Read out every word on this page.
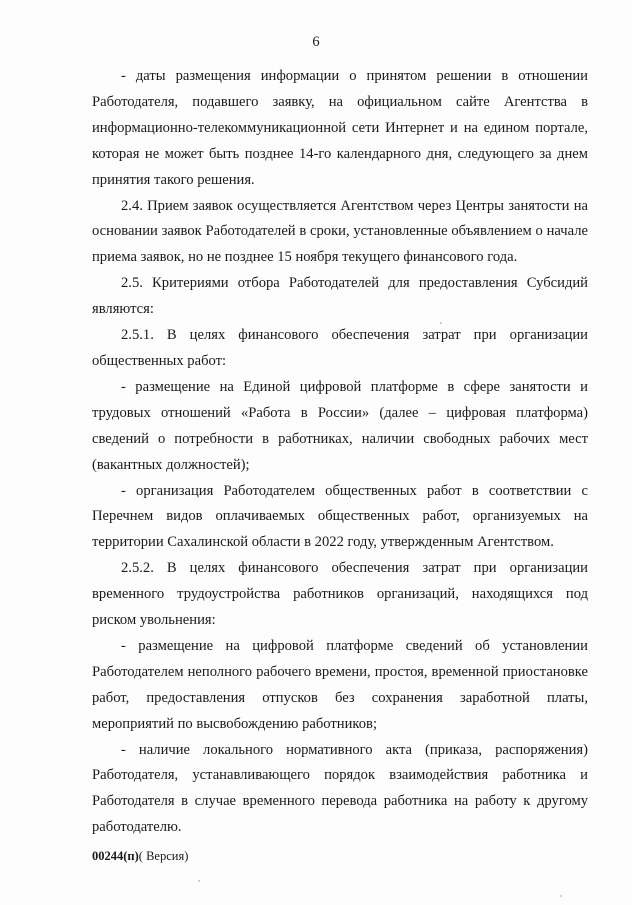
6

- даты размещения информации о принятом решении в отношении Работодателя, подавшего заявку, на официальном сайте Агентства в информационно-телекоммуникационной сети Интернет и на едином портале, которая не может быть позднее 14-го календарного дня, следующего за днем принятия такого решения.

2.4. Прием заявок осуществляется Агентством через Центры занятости на основании заявок Работодателей в сроки, установленные объявлением о начале приема заявок, но не позднее 15 ноября текущего финансового года.

2.5. Критериями отбора Работодателей для предоставления Субсидий являются:

2.5.1. В целях финансового обеспечения затрат при организации общественных работ:

- размещение на Единой цифровой платформе в сфере занятости и трудовых отношений «Работа в России» (далее – цифровая платформа) сведений о потребности в работниках, наличии свободных рабочих мест (вакантных должностей);

- организация Работодателем общественных работ в соответствии с Перечнем видов оплачиваемых общественных работ, организуемых на территории Сахалинской области в 2022 году, утвержденным Агентством.

2.5.2. В целях финансового обеспечения затрат при организации временного трудоустройства работников организаций, находящихся под риском увольнения:

- размещение на цифровой платформе сведений об установлении Работодателем неполного рабочего времени, простоя, временной приостановке работ, предоставления отпусков без сохранения заработной платы, мероприятий по высвобождению работников;

- наличие локального нормативного акта (приказа, распоряжения) Работодателя, устанавливающего порядок взаимодействия работника и Работодателя в случае временного перевода работника на работу к другому работодателю.

00244(п)( Версия)
